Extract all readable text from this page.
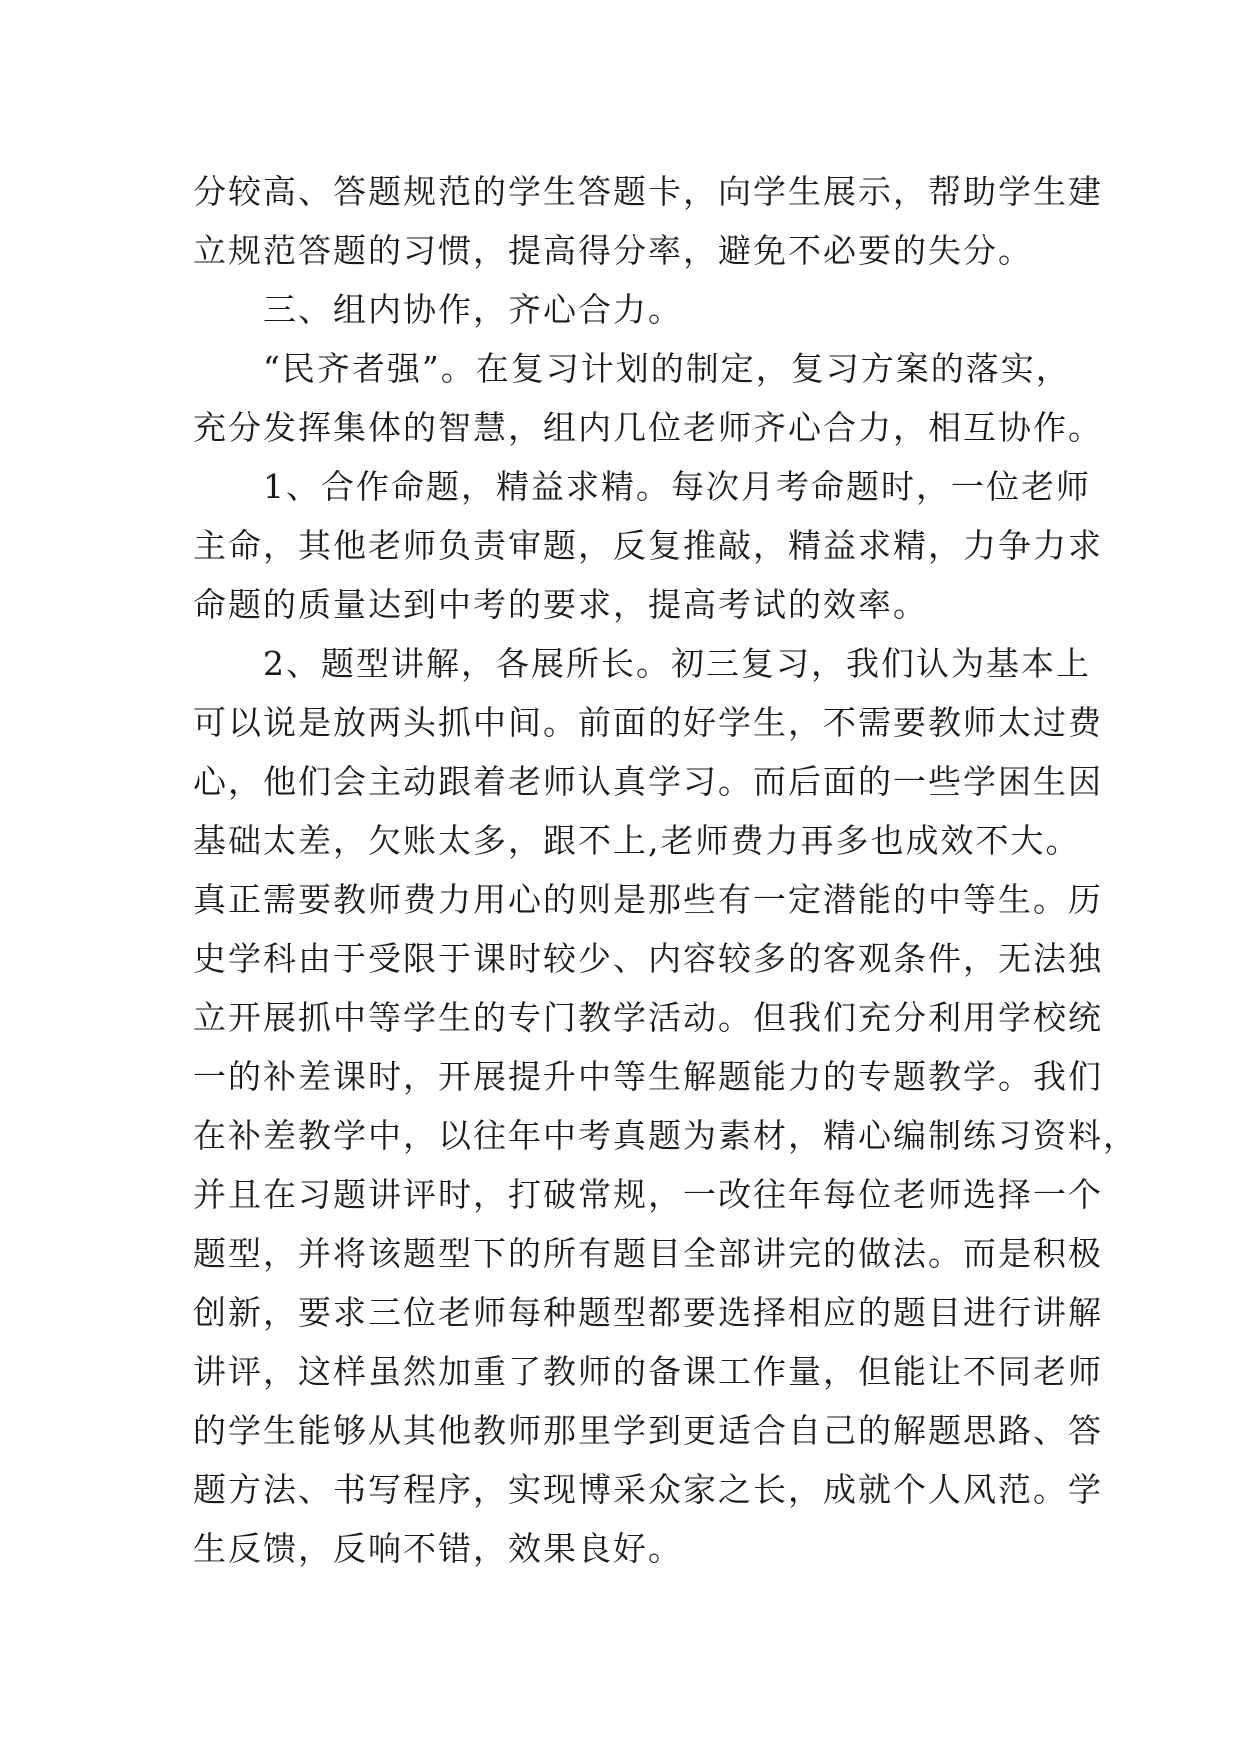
分较高、答题规范的学生答题卡，向学生展示，帮助学生建
立规范答题的习惯，提高得分率，避免不必要的失分。
　　三、组内协作，齐心合力。
　　“民齐者强”。在复习计划的制定，复习方案的落实，
充分发挥集体的智慧，组内几位老师齐心合力，相互协作。
　　1、合作命题，精益求精。每次月考命题时，一位老师
主命，其他老师负责审题，反复推敲，精益求精，力争力求
命题的质量达到中考的要求，提高考试的效率。
　　2、题型讲解，各展所长。初三复习，我们认为基本上
可以说是放两头抓中间。前面的好学生，不需要教师太过费
心，他们会主动跟着老师认真学习。而后面的一些学困生因
基础太差，欠账太多，跟不上,老师费力再多也成效不大。
真正需要教师费力用心的则是那些有一定潜能的中等生。历
史学科由于受限于课时较少、内容较多的客观条件，无法独
立开展抓中等学生的专门教学活动。但我们充分利用学校统
一的补差课时，开展提升中等生解题能力的专题教学。我们
在补差教学中，以往年中考真题为素材，精心编制练习资料，
并且在习题讲评时，打破常规，一改往年每位老师选择一个
题型，并将该题型下的所有题目全部讲完的做法。而是积极
创新，要求三位老师每种题型都要选择相应的题目进行讲解
讲评，这样虽然加重了教师的备课工作量，但能让不同老师
的学生能够从其他教师那里学到更适合自己的解题思路、答
题方法、书写程序，实现博采众家之长，成就个人风范。学
生反馈，反响不错，效果良好。
